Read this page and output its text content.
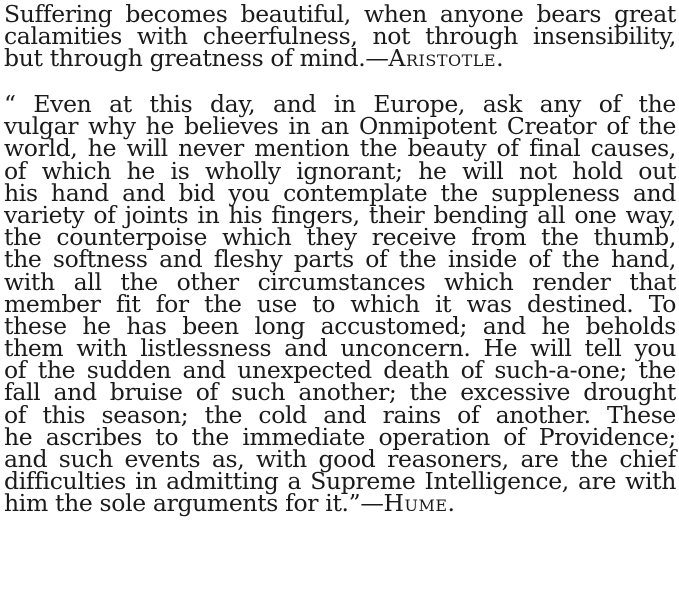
Suffering becomes beautiful, when anyone bears great
calamities with cheerfulness, not through insensibility,
but through greatness of mind.—Aristotle.
“ Even at this day, and in Europe, ask any of the
vulgar why he believes in an Onmipotent Creator of the
world, he will never mention the beauty of final causes,
of which he is wholly ignorant; he will not hold out
his hand and bid you contemplate the suppleness and
variety of joints in his fingers, their bending all one way,
the counterpoise which they receive from the thumb,
the softness and fleshy parts of the inside of the hand,
with all the other circumstances which render that
member fit for the use to which it was destined. To
these he has been long accustomed; and he beholds
them with listlessness and unconcern. He will tell you
of the sudden and unexpected death of such-a-one; the
fall and bruise of such another; the excessive drought
of this season; the cold and rains of another. These
he ascribes to the immediate operation of Providence;
and such events as, with good reasoners, are the chief
difficulties in admitting a Supreme Intelligence, are with
him the sole arguments for it.”—Hume.
